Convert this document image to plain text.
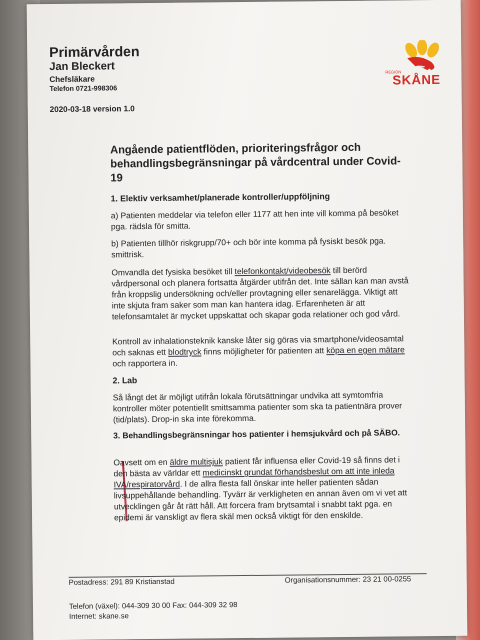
Primärvården
Jan Bleckert
Chefsläkare
Telefon 0721-998306
2020-03-18 version 1.0
REGION
SKÅNE
Angående patientflöden, prioriteringsfrågor och behandlingsbegränsningar på vårdcentral under Covid-19
1. Elektiv verksamhet/planerade kontroller/uppföljning
a) Patienten meddelar via telefon eller 1177 att hen inte vill komma på besöket pga. rädsla för smitta.
b) Patienten tillhör riskgrupp/70+ och bör inte komma på fysiskt besök pga. smittrisk.
Omvandla det fysiska besöket till telefonkontakt/videobesök till berörd vårdpersonal och planera fortsatta åtgärder utifrån det. Inte sällan kan man avstå från kroppslig undersökning och/eller provtagning eller senarelägga. Viktigt att inte skjuta fram saker som man kan hantera idag. Erfarenheten är att telefonsamtalet är mycket uppskattat och skapar goda relationer och god vård.
Kontroll av inhalationsteknik kanske låter sig göras via smartphone/videosamtal och saknas ett blodtryck finns möjligheter för patienten att köpa en egen mätare och rapportera in.
2. Lab
Så långt det är möjligt utifrån lokala förutsättningar undvika att symtomfria kontroller möter potentiellt smittsamma patienter som ska ta patientnära prover (tid/plats). Drop-in ska inte förekomma.
3. Behandlingsbegränsningar hos patienter i hemsjukvård och på SÄBO.
Oavsett om en äldre multisjuk patient får influensa eller Covid-19 så finns det i den bästa av världar ett medicinskt grundat förhandsbeslut om att inte inleda IVA/respiratorvård. I de allra flesta fall önskar inte heller patienten sådan livsuppehållande behandling. Tyvärr är verkligheten en annan även om vi vet att utvecklingen går åt rätt håll. Att forcera fram brytsamtal i snabbt takt pga. en epidemi är vanskligt av flera skäl men också viktigt för den enskilde.
Postadress: 291 89 Kristianstad	Organisationsnummer: 23 21 00-0255
Telefon (växel): 044-309 30 00 Fax: 044-309 32 98
Internet: skane.se
